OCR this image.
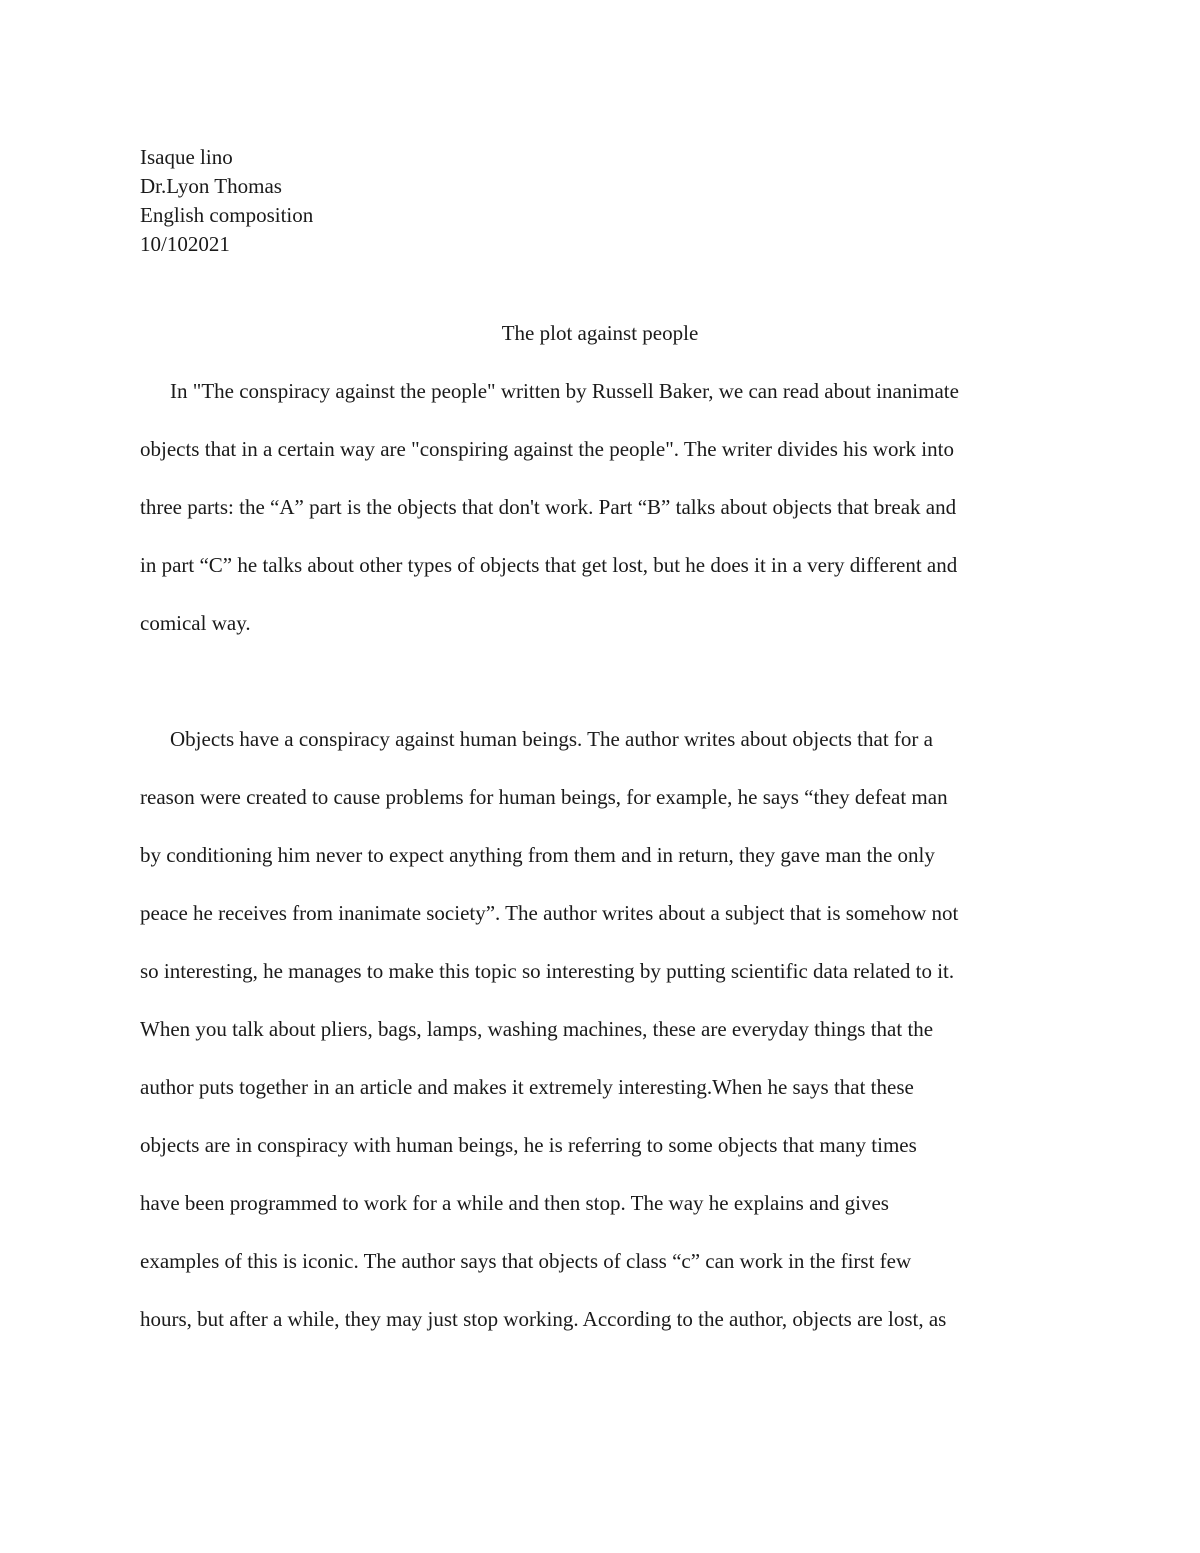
Isaque lino
Dr.Lyon Thomas
English composition
10/102021
The plot against people
In "The conspiracy against the people" written by Russell Baker, we can read about inanimate
objects that in a certain way are "conspiring against the people". The writer divides his work into
three parts: the “A” part is the objects that don't work. Part “B” talks about objects that break and
in part “C” he talks about other types of objects that get lost, but he does it in a very different and
comical way.
Objects have a conspiracy against human beings. The author writes about objects that for a
reason were created to cause problems for human beings, for example, he says “they defeat man
by conditioning him never to expect anything from them and in return, they gave man the only
peace he receives from inanimate society”. The author writes about a subject that is somehow not
so interesting, he manages to make this topic so interesting by putting scientific data related to it.
When you talk about pliers, bags, lamps, washing machines, these are everyday things that the
author puts together in an article and makes it extremely interesting.When he says that these
objects are in conspiracy with human beings, he is referring to some objects that many times
have been programmed to work for a while and then stop. The way he explains and gives
examples of this is iconic. The author says that objects of class “c” can work in the first few
hours, but after a while, they may just stop working. According to the author, objects are lost, as
